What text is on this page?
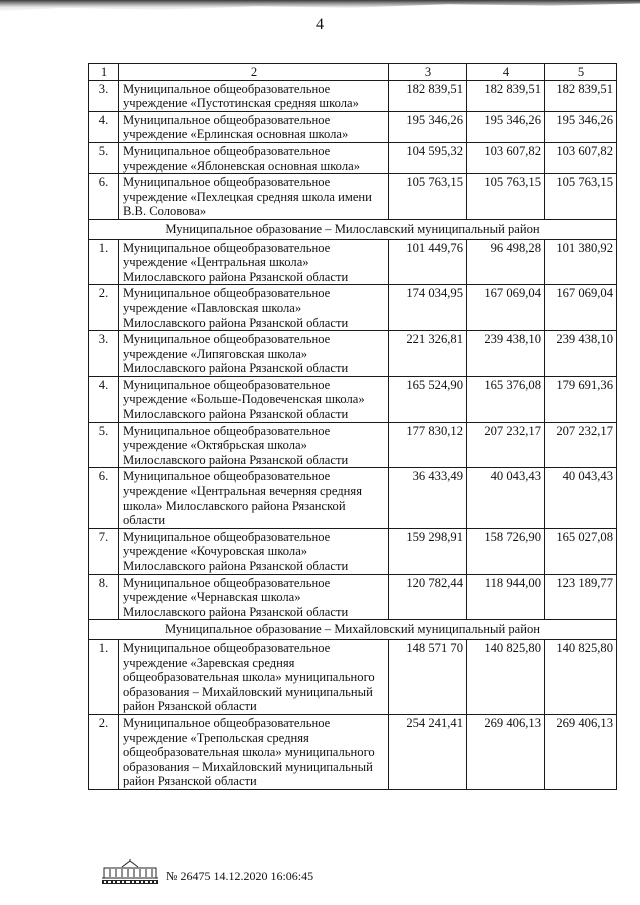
4
1	2	3	4	5
3.	Муниципальное общеобразовательное учреждение «Пустотинская средняя школа»	182 839,51	182 839,51	182 839,51
4.	Муниципальное общеобразовательное учреждение «Ерлинская основная школа»	195 346,26	195 346,26	195 346,26
5.	Муниципальное общеобразовательное учреждение «Яблоневская основная школа»	104 595,32	103 607,82	103 607,82
6.	Муниципальное общеобразовательное учреждение «Пехлецкая средняя школа имени В.В. Соловова»	105 763,15	105 763,15	105 763,15
Муниципальное образование – Милославский муниципальный район				
1.	Муниципальное общеобразовательное учреждение «Центральная школа» Милославского района Рязанской области	101 449,76	96 498,28	101 380,92
2.	Муниципальное общеобразовательное учреждение «Павловская школа» Милославского района Рязанской области	174 034,95	167 069,04	167 069,04
3.	Муниципальное общеобразовательное учреждение «Липяговская школа» Милославского района Рязанской области	221 326,81	239 438,10	239 438,10
4.	Муниципальное общеобразовательное учреждение «Больше-Подовеченская школа» Милославского района Рязанской области	165 524,90	165 376,08	179 691,36
5.	Муниципальное общеобразовательное учреждение «Октябрьская школа» Милославского района Рязанской области	177 830,12	207 232,17	207 232,17
6.	Муниципальное общеобразовательное учреждение «Центральная вечерняя средняя школа» Милославского района Рязанской области	36 433,49	40 043,43	40 043,43
7.	Муниципальное общеобразовательное учреждение «Кочуровская школа» Милославского района Рязанской области	159 298,91	158 726,90	165 027,08
8.	Муниципальное общеобразовательное учреждение «Чернавская школа» Милославского района Рязанской области	120 782,44	118 944,00	123 189,77
Муниципальное образование – Михайловский муниципальный район				
1.	Муниципальное общеобразовательное учреждение «Заревская средняя общеобразовательная школа» муниципального образования – Михайловский муниципальный район Рязанской области	148 571 70	140 825,80	140 825,80
2.	Муниципальное общеобразовательное учреждение «Трепольская средняя общеобразовательная школа» муниципального образования – Михайловский муниципальный район Рязанской области	254 241,41	269 406,13	269 406,13
№ 26475 14.12.2020 16:06:45
